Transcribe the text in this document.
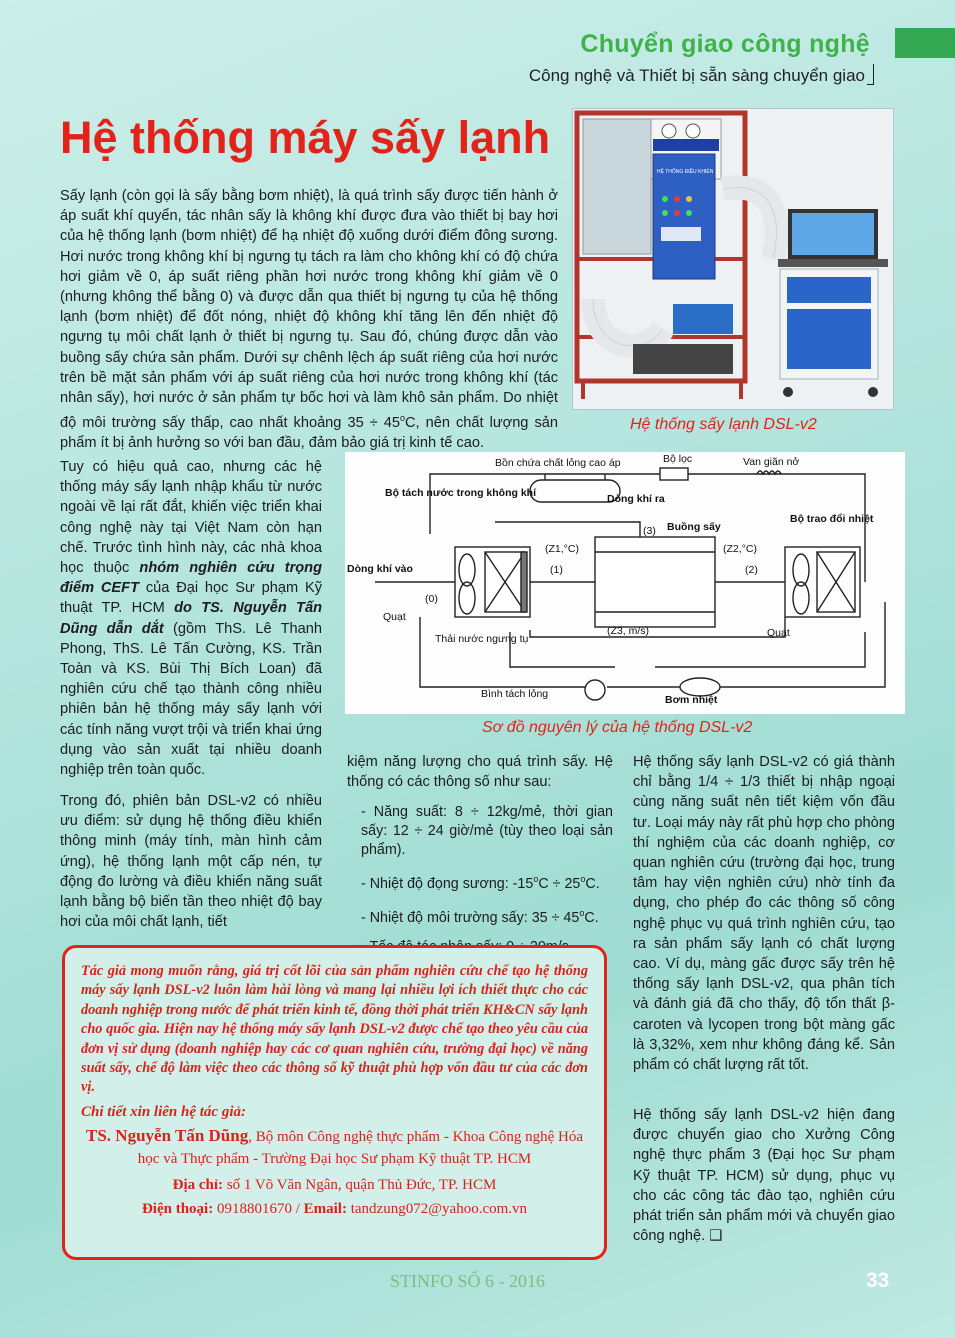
Chuyển giao công nghệ
Công nghệ và Thiết bị sẵn sàng chuyển giao
Hệ thống máy sấy lạnh
HỆ THỐNG ĐIỀU KHIỂN
Hệ thống sấy lạnh DSL-v2

Sấy lạnh (còn gọi là sấy bằng bơm nhiệt), là quá trình sấy được tiến hành ở áp suất khí quyển, tác nhân sấy là không khí được đưa vào thiết bị bay hơi của hệ thống lạnh (bơm nhiệt) để hạ nhiệt độ xuống dưới điểm đông sương. Hơi nước trong không khí bị ngưng tụ tách ra làm cho không khí có độ chứa hơi giảm về 0, áp suất riêng phần hơi nước trong không khí giảm về 0 (nhưng không thể bằng 0) và được dẫn qua thiết bị ngưng tụ của hệ thống lạnh (bơm nhiệt) để đốt nóng, nhiệt độ không khí tăng lên đến nhiệt độ ngưng tụ môi chất lạnh ở thiết bị ngưng tụ. Sau đó, chúng được dẫn vào buồng sấy chứa sản phẩm. Dưới sự chênh lệch áp suất riêng của hơi nước trên bề mặt sản phẩm với áp suất riêng của hơi nước trong không khí (tác nhân sấy), hơi nước ở sản phẩm tự bốc hơi và làm khô sản phẩm. Do nhiệt độ môi trường sấy thấp, cao nhất khoảng $35 \div 45^oC$, nên chất lượng sản phẩm ít bị ảnh hưởng so với ban đầu, đảm bảo giá trị kinh tế cao.

Tuy có hiệu quả cao, nhưng các hệ thống máy sấy lạnh nhập khẩu từ nước ngoài về lại rất đắt, khiến việc triển khai công nghệ này tại Việt Nam còn hạn chế. Trước tình hình này, các nhà khoa học thuộc nhóm nghiên cứu trọng điểm CEFT của Đại học Sư phạm Kỹ thuật TP. HCM do TS. Nguyễn Tấn Dũng dẫn dắt (gồm ThS. Lê Thanh Phong, ThS. Lê Tấn Cường, KS. Trần Toàn và KS. Bùi Thị Bích Loan) đã nghiên cứu chế tạo thành công nhiều phiên bản hệ thống máy sấy lạnh với các tính năng vượt trội và triển khai ứng dụng vào sản xuất tại nhiều doanh nghiệp trên toàn quốc.

Trong đó, phiên bản DSL-v2 có nhiều ưu điểm: sử dụng hệ thống điều khiển thông minh (máy tính, màn hình cảm ứng), hệ thống lạnh một cấp nén, tự động đo lường và điều khiển năng suất lạnh bằng bộ biến tần theo nhiệt độ bay hơi của môi chất lạnh, tiết

Bồn chứa chất lỏng cao áp	Bộ lọc	Van giãn nở
Bộ tách nước trong không khí	Dòng khí ra
Buồng sấy
Bộ trao đổi nhiệt
Dòng khí vào
Quạt
Quạt
Thải nước ngưng tụ
Bình tách lỏng	Bơm nhiệt
(0)
(1)	(2)
(3)
(Z1,°C)	(Z2,°C)
(Z3, m/s)
Sơ đồ nguyên lý của hệ thống DSL-v2

kiệm năng lượng cho quá trình sấy. Hệ thống có các thông số như sau:

- Năng suất: 8 ÷ 12kg/mẻ, thời gian sấy: 12 ÷ 24 giờ/mẻ (tùy theo loại sản phẩm).
- Nhiệt độ đọng sương: $-15^oC \div 25^oC$.
- Nhiệt độ môi trường sấy: $35 \div 45^oC$.

Hệ thống sấy lạnh DSL-v2 có giá thành chỉ bằng 1/4 ÷ 1/3 thiết bị nhập ngoại cùng năng suất nên tiết kiệm vốn đầu tư. Loại máy này rất phù hợp cho phòng thí nghiệm của các doanh nghiệp, cơ quan nghiên cứu (trường đại học, trung tâm hay viện nghiên cứu) nhờ tính đa dụng, cho phép đo các thông số công nghệ phục vụ quá trình nghiên cứu, tạo ra sản phẩm sấy lạnh có chất lượng cao. Ví dụ, màng gấc được sấy trên hệ thống sấy lạnh DSL-v2, qua phân tích và đánh giá đã cho thấy, độ tổn thất β-caroten và lycopen trong bột màng gấc là 3,32%, xem như không đáng kể. Sản phẩm có chất lượng rất tốt.

Hệ thống sấy lạnh DSL-v2 hiện đang được chuyển giao cho Xưởng Công nghệ thực phẩm 3 (Đại học Sư phạm Kỹ thuật TP. HCM) sử dụng, phục vụ cho các công tác đào tạo, nghiên cứu phát triển sản phẩm mới và chuyển giao công nghệ. ❑

Tác giả mong muốn rằng, giá trị cốt lõi của sản phẩm nghiên cứu chế tạo hệ thống máy sấy lạnh DSL-v2 luôn làm hài lòng và mang lại nhiều lợi ích thiết thực cho các doanh nghiệp trong nước để phát triển kinh tế, đồng thời phát triển KH&CN sấy lạnh cho quốc gia. Hiện nay hệ thống máy sấy lạnh DSL-v2 được chế tạo theo yêu cầu của đơn vị sử dụng (doanh nghiệp hay các cơ quan nghiên cứu, trường đại học) về năng suất sấy, chế độ làm việc theo các thông số kỹ thuật phù hợp vốn đầu tư của các đơn vị.
Chi tiết xin liên hệ tác giả:
TS. Nguyễn Tấn Dũng, Bộ môn Công nghệ thực phẩm - Khoa Công nghệ Hóa học và Thực phẩm - Trường Đại học Sư phạm Kỹ thuật TP. HCM
Địa chỉ: số 1 Võ Văn Ngân, quận Thủ Đức, TP. HCM
Điện thoại: 0918801670 / Email: tandzung072@yahoo.com.vn
STINFO SỐ 6 - 2016	33
